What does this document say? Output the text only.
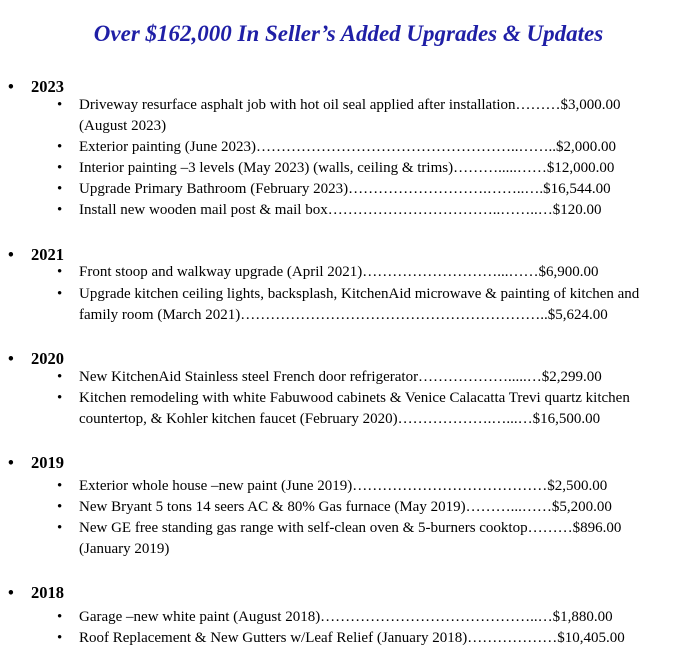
Over $162,000 In Seller’s Added Upgrades & Updates
• 2023
•	Driveway resurface asphalt job with hot oil seal applied after installation………$3,000.00
(August 2023)
•	Exterior painting (June 2023)……………………………………………..……..$2,000.00
•	Interior painting –3 levels (May 2023) (walls, ceiling & trims)……….....……$12,000.00
•	Upgrade Primary Bathroom (February 2023)……………………….……..….$16,544.00
•	Install new wooden mail post & mail box……………………………..……..…$120.00
• 2021
•	Front stoop and walkway upgrade (April 2021)………………………...……$6,900.00
•	Upgrade kitchen ceiling lights, backsplash, KitchenAid microwave & painting of kitchen and
family room (March 2021)……………………………………………………..$5,624.00
• 2020
•	New KitchenAid Stainless steel French door refrigerator……………….....…$2,299.00
•	Kitchen remodeling with white Fabuwood cabinets & Venice Calacatta Trevi quartz kitchen
countertop, & Kohler kitchen faucet (February 2020)……………….…...…$16,500.00
• 2019
•	Exterior whole house –new paint (June 2019)…………………………………$2,500.00
•	New Bryant 5 tons 14 seers AC & 80% Gas furnace (May 2019)………...……$5,200.00
•	New GE free standing gas range with self-clean oven & 5-burners cooktop………$896.00
(January 2019)
• 2018
•	Garage –new white paint (August 2018)……………………………………..…$1,880.00
•	Roof Replacement & New Gutters w/Leaf Relief (January 2018)………………$10,405.00
